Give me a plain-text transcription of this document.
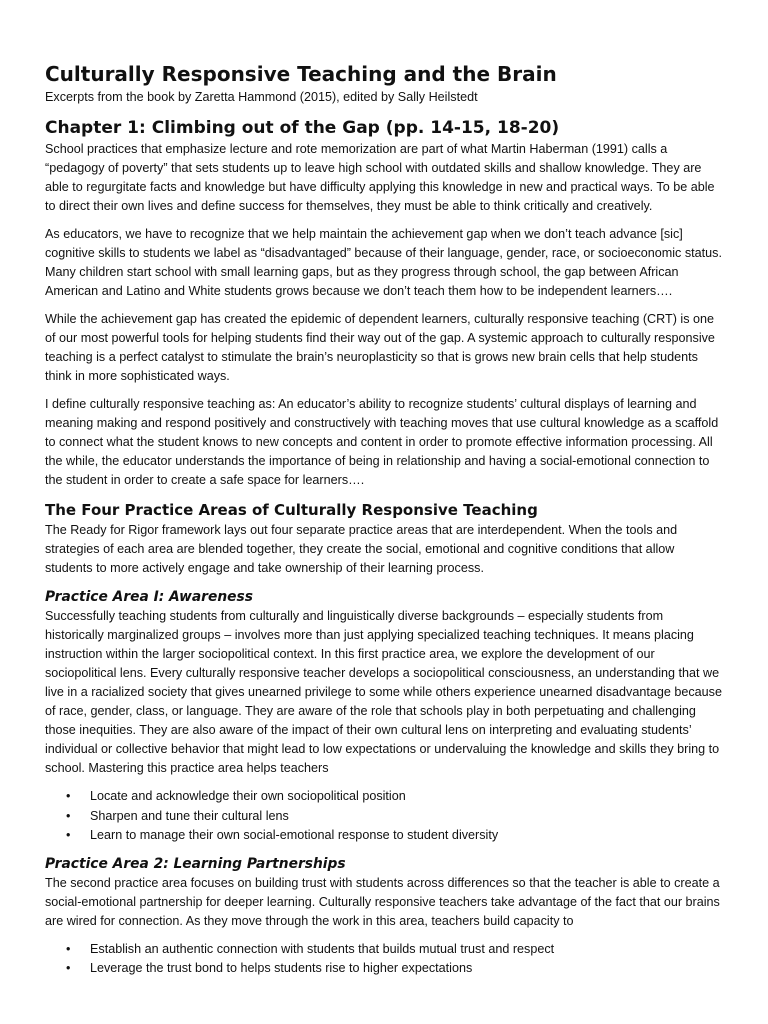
Culturally Responsive Teaching and the Brain
Excerpts from the book by Zaretta Hammond (2015), edited by Sally Heilstedt
Chapter 1: Climbing out of the Gap (pp. 14-15, 18-20)

School practices that emphasize lecture and rote memorization are part of what Martin Haberman (1991) calls a “pedagogy of poverty” that sets students up to leave high school with outdated skills and shallow knowledge. They are able to regurgitate facts and knowledge but have difficulty applying this knowledge in new and practical ways. To be able to direct their own lives and define success for themselves, they must be able to think critically and creatively.

As educators, we have to recognize that we help maintain the achievement gap when we don’t teach advance [sic] cognitive skills to students we label as “disadvantaged” because of their language, gender, race, or socioeconomic status. Many children start school with small learning gaps, but as they progress through school, the gap between African American and Latino and White students grows because we don’t teach them how to be independent learners….

While the achievement gap has created the epidemic of dependent learners, culturally responsive teaching (CRT) is one of our most powerful tools for helping students find their way out of the gap. A systemic approach to culturally responsive teaching is a perfect catalyst to stimulate the brain’s neuroplasticity so that is grows new brain cells that help students think in more sophisticated ways.

I define culturally responsive teaching as: An educator’s ability to recognize students’ cultural displays of learning and meaning making and respond positively and constructively with teaching moves that use cultural knowledge as a scaffold to connect what the student knows to new concepts and content in order to promote effective information processing. All the while, the educator understands the importance of being in relationship and having a social-emotional connection to the student in order to create a safe space for learners….

The Four Practice Areas of Culturally Responsive Teaching

The Ready for Rigor framework lays out four separate practice areas that are interdependent. When the tools and strategies of each area are blended together, they create the social, emotional and cognitive conditions that allow students to more actively engage and take ownership of their learning process.

Practice Area I: Awareness

Successfully teaching students from culturally and linguistically diverse backgrounds – especially students from historically marginalized groups – involves more than just applying specialized teaching techniques. It means placing instruction within the larger sociopolitical context. In this first practice area, we explore the development of our sociopolitical lens. Every culturally responsive teacher develops a sociopolitical consciousness, an understanding that we live in a racialized society that gives unearned privilege to some while others experience unearned disadvantage because of race, gender, class, or language. They are aware of the role that schools play in both perpetuating and challenging those inequities. They are also aware of the impact of their own cultural lens on interpreting and evaluating students’ individual or collective behavior that might lead to low expectations or undervaluing the knowledge and skills they bring to school. Mastering this practice area helps teachers

• Locate and acknowledge their own sociopolitical position
• Sharpen and tune their cultural lens
• Learn to manage their own social-emotional response to student diversity
Practice Area 2: Learning Partnerships

The second practice area focuses on building trust with students across differences so that the teacher is able to create a social-emotional partnership for deeper learning. Culturally responsive teachers take advantage of the fact that our brains are wired for connection. As they move through the work in this area, teachers build capacity to

• Establish an authentic connection with students that builds mutual trust and respect
• Leverage the trust bond to helps students rise to higher expectations
